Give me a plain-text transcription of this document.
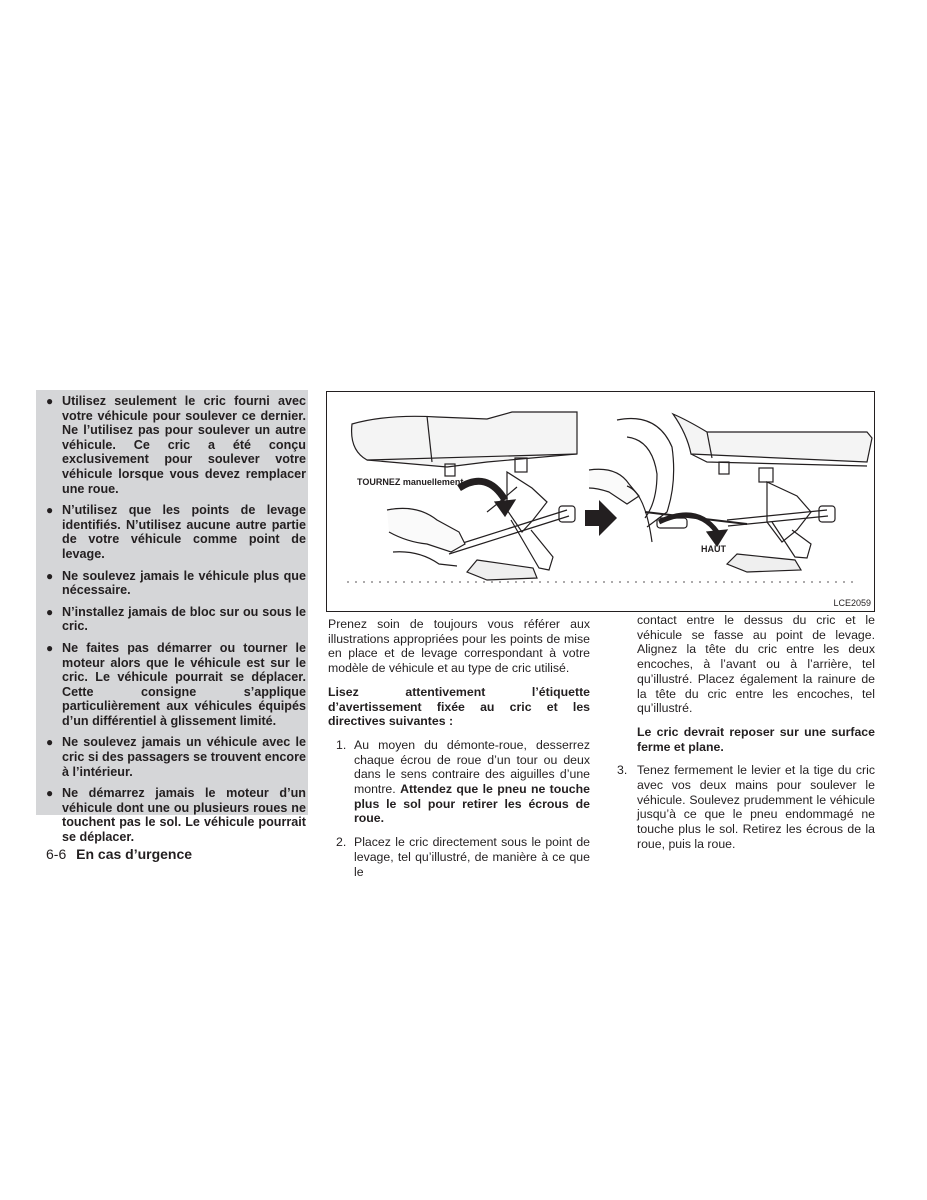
● Utilisez seulement le cric fourni avec votre véhicule pour soulever ce dernier. Ne l’utilisez pas pour soulever un autre véhicule. Ce cric a été conçu exclusivement pour soulever votre véhicule lorsque vous devez remplacer une roue.
● N’utilisez que les points de levage identifiés. N’utilisez aucune autre partie de votre véhicule comme point de levage.
● Ne soulevez jamais le véhicule plus que nécessaire.
● N’installez jamais de bloc sur ou sous le cric.
● Ne faites pas démarrer ou tourner le moteur alors que le véhicule est sur le cric. Le véhicule pourrait se déplacer. Cette consigne s’applique particulièrement aux véhicules équipés d’un différentiel à glissement limité.
● Ne soulevez jamais un véhicule avec le cric si des passagers se trouvent encore à l’intérieur.
● Ne démarrez jamais le moteur d’un véhicule dont une ou plusieurs roues ne touchent pas le sol. Le véhicule pourrait se déplacer.
TOURNEZ manuellement
HAUT
LCE2059

Prenez soin de toujours vous référer aux illustrations appropriées pour les points de mise en place et de levage correspondant à votre modèle de véhicule et au type de cric utilisé.

Lisez attentivement l’étiquette d’avertissement fixée au cric et les directives suivantes :

1. Au moyen du démonte-roue, desserrez chaque écrou de roue d’un tour ou deux dans le sens contraire des aiguilles d’une montre. Attendez que le pneu ne touche plus le sol pour retirer les écrous de roue.
2. Placez le cric directement sous le point de levage, tel qu’illustré, de manière à ce que le

contact entre le dessus du cric et le véhicule se fasse au point de levage. Alignez la tête du cric entre les deux encoches, à l’avant ou à l’arrière, tel qu’illustré. Placez également la rainure de la tête du cric entre les encoches, tel qu’illustré.

Le cric devrait reposer sur une surface ferme et plane.

3. Tenez fermement le levier et la tige du cric avec vos deux mains pour soulever le véhicule. Soulevez prudemment le véhicule jusqu’à ce que le pneu endommagé ne touche plus le sol. Retirez les écrous de la roue, puis la roue.
6-6 En cas d’urgence
